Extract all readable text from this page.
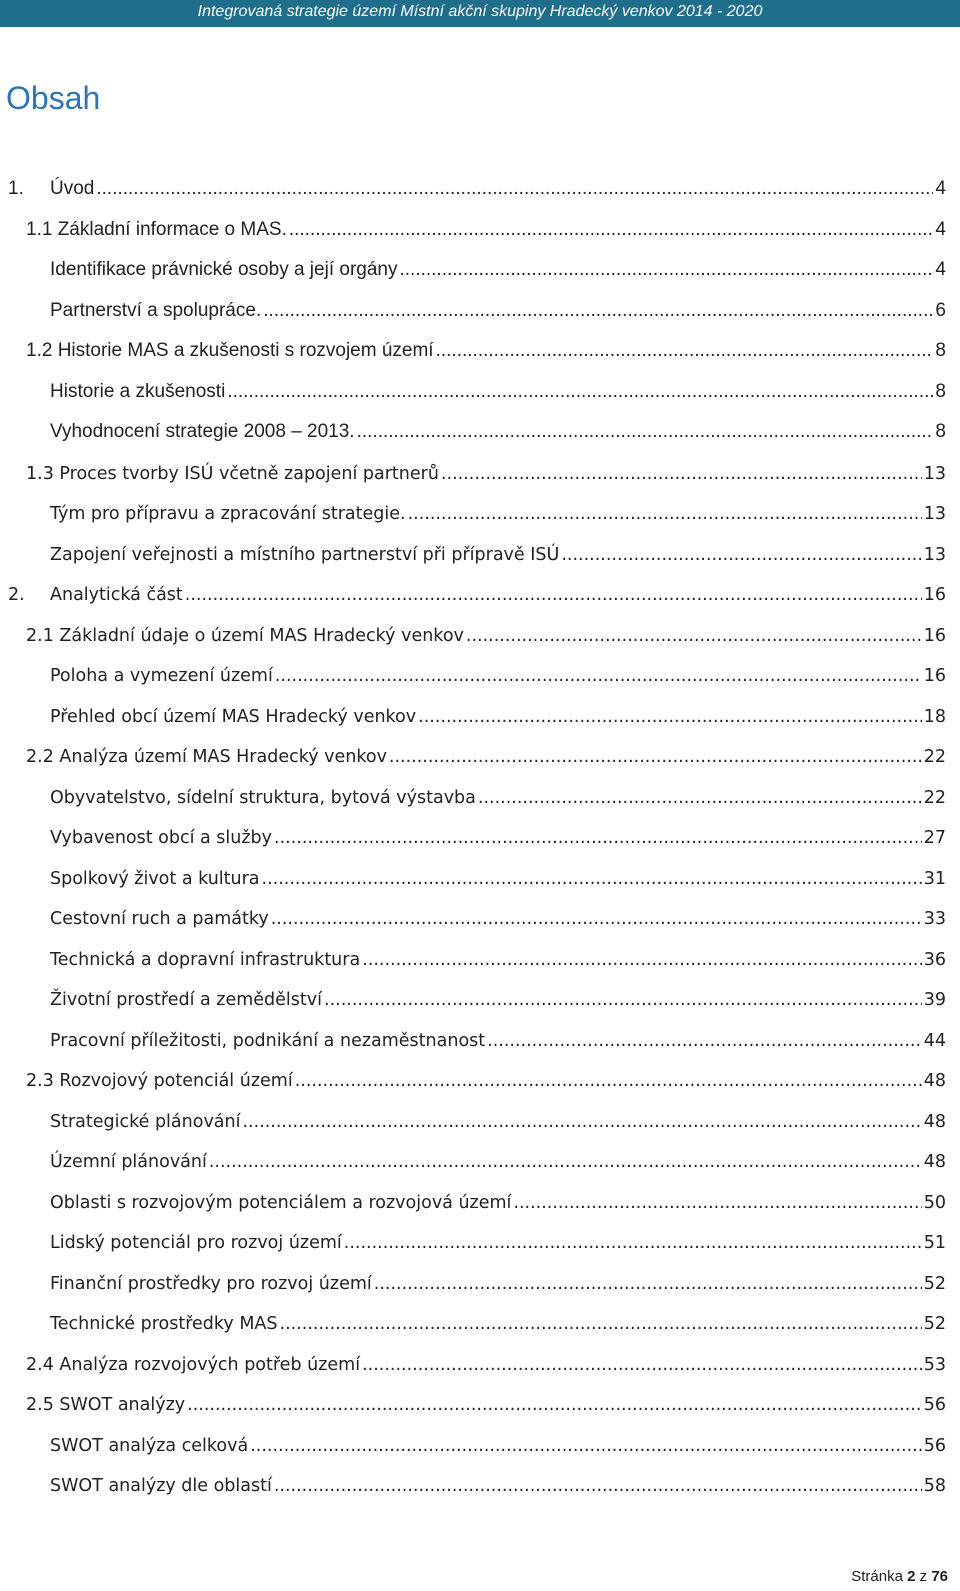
Integrovaná strategie území Místní akční skupiny Hradecký venkov 2014 - 2020
Obsah
1.	Úvod .....	4
1.1 Základní informace o MAS. .....	4
Identifikace právnické osoby a její orgány .....	4
Partnerství a spolupráce. .....	6
1.2 Historie MAS a zkušenosti s rozvojem území .....	8
Historie a zkušenosti .....	8
Vyhodnocení strategie 2008 – 2013. .....	8
1.3 Proces tvorby ISÚ včetně zapojení partnerů .....	13
Tým pro přípravu a zpracování strategie. .....	13
Zapojení veřejnosti a místního partnerství při přípravě ISÚ .....	13
2.	Analytická část .....	16
2.1 Základní údaje o území MAS Hradecký venkov .....	16
Poloha a vymezení území .....	16
Přehled obcí území MAS Hradecký venkov .....	18
2.2 Analýza území MAS Hradecký venkov .....	22
Obyvatelstvo, sídelní struktura, bytová výstavba .....	22
Vybavenost obcí a služby .....	27
Spolkový život a kultura .....	31
Cestovní ruch a památky .....	33
Technická a dopravní infrastruktura .....	36
Životní prostředí a zemědělství .....	39
Pracovní příležitosti, podnikání a nezaměstnanost .....	44
2.3 Rozvojový potenciál území .....	48
Strategické plánování .....	48
Územní plánování .....	48
Oblasti s rozvojovým potenciálem a rozvojová území .....	50
Lidský potenciál pro rozvoj území .....	51
Finanční prostředky pro rozvoj území .....	52
Technické prostředky MAS .....	52
2.4 Analýza rozvojových potřeb území .....	53
2.5 SWOT analýzy .....	56
SWOT analýza celková .....	56
SWOT analýzy dle oblastí .....	58
Stránka 2 z 76
